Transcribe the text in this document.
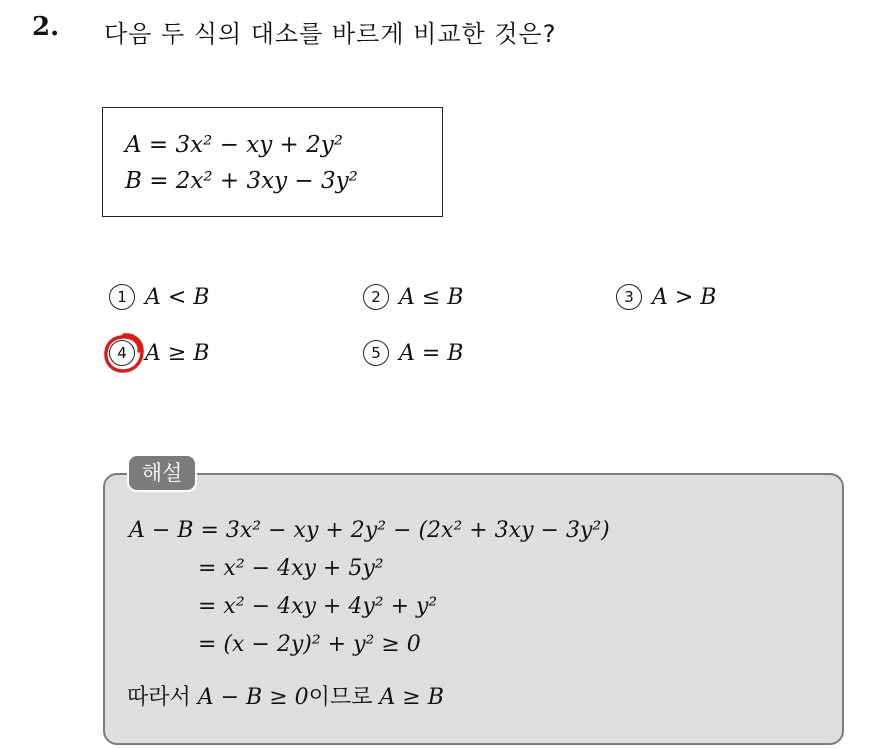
2. 다음 두 식의 대소를 바르게 비교한 것은?
A = 3x² − xy + 2y²
B = 2x² + 3xy − 3y²
1 A < B	2 A ≤ B	3 A > B
4 A ≥ B	5 A = B
해설
A − B = 3x² − xy + 2y² − (2x² + 3xy − 3y²)
= x² − 4xy + 5y²
= x² − 4xy + 4y² + y²
= (x − 2y)² + y² ≥ 0
따라서 A − B ≥ 0이므로 A ≥ B
